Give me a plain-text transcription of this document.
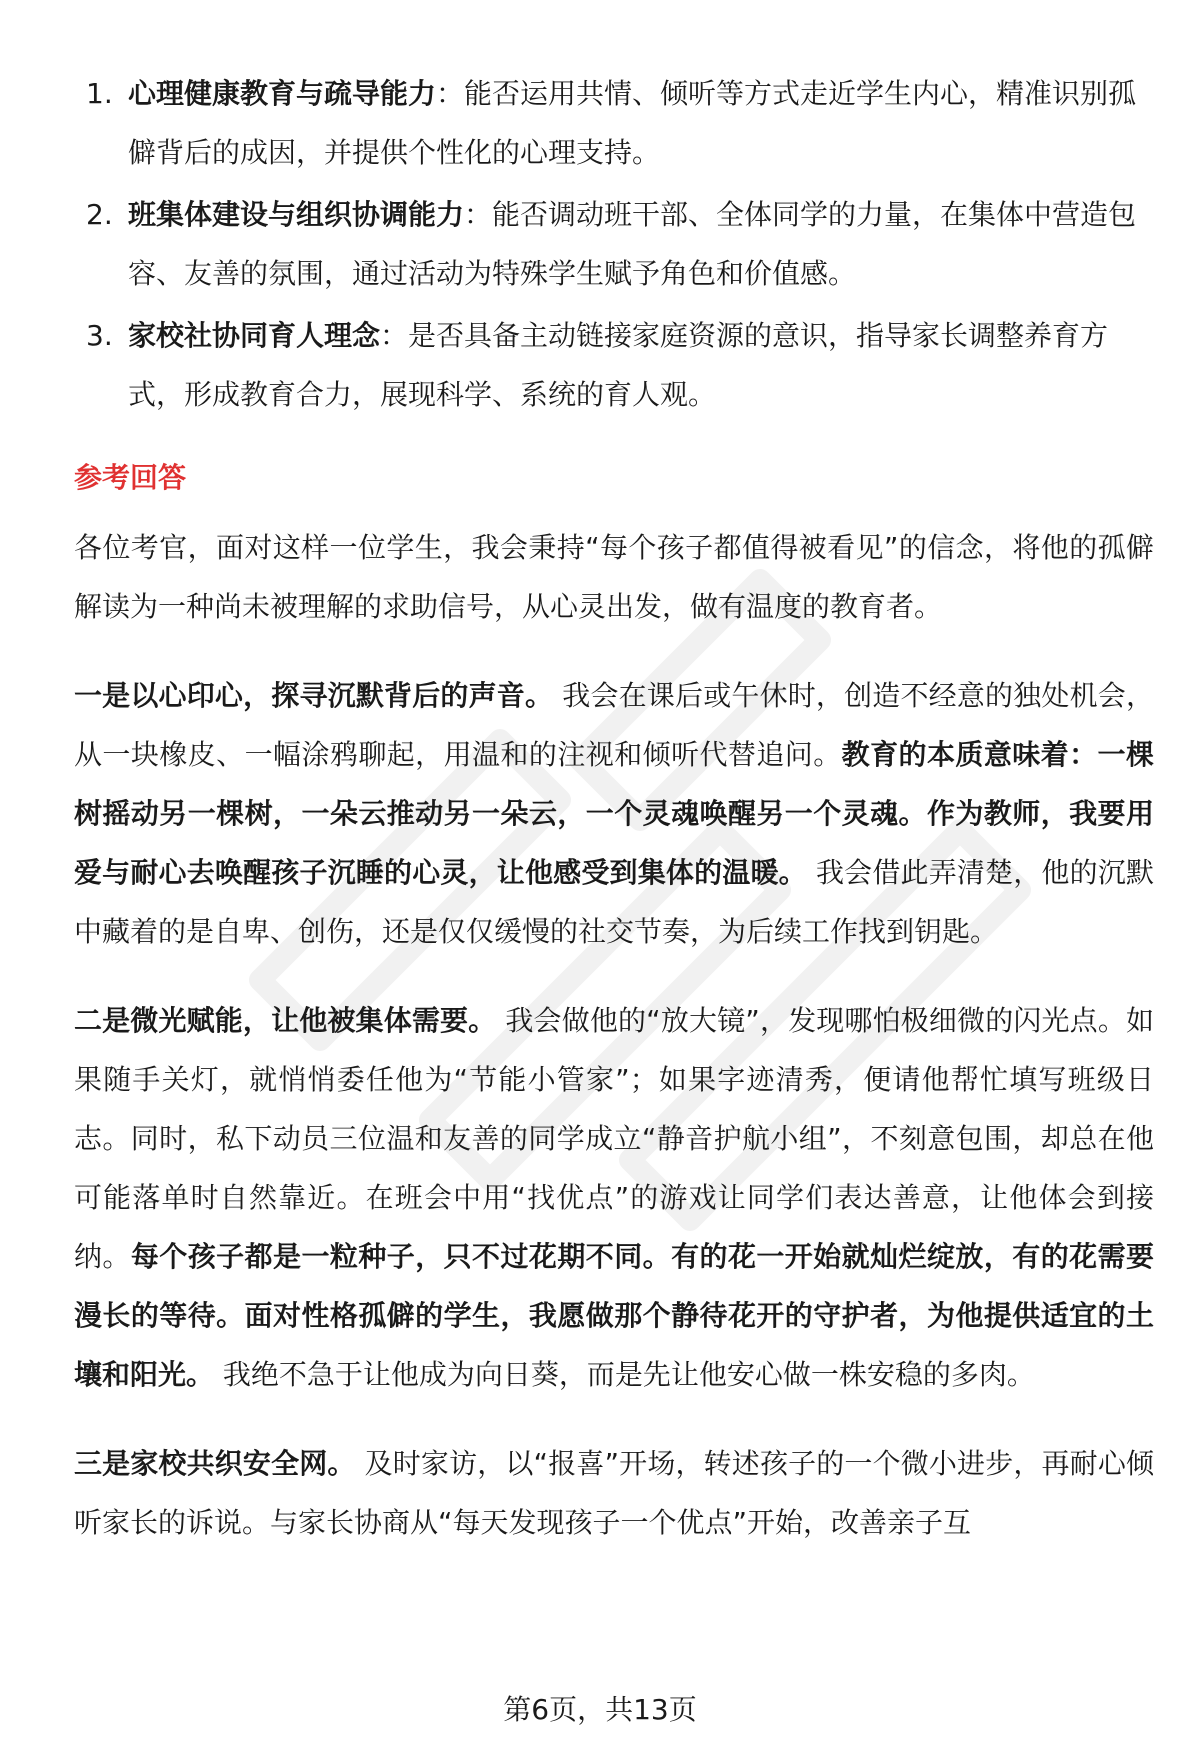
1. 心理健康教育与疏导能力：能否运用共情、倾听等方式走近学生内心，精准识别孤僻背后的成因，并提供个性化的心理支持。
2. 班集体建设与组织协调能力：能否调动班干部、全体同学的力量，在集体中营造包容、友善的氛围，通过活动为特殊学生赋予角色和价值感。
3. 家校社协同育人理念：是否具备主动链接家庭资源的意识，指导家长调整养育方式，形成教育合力，展现科学、系统的育人观。
参考回答

各位考官，面对这样一位学生，我会秉持“每个孩子都值得被看见”的信念，将他的孤僻解读为一种尚未被理解的求助信号，从心灵出发，做有温度的教育者。

一是以心印心，探寻沉默背后的声音。 我会在课后或午休时，创造不经意的独处机会，从一块橡皮、一幅涂鸦聊起，用温和的注视和倾听代替追问。教育的本质意味着：一棵树摇动另一棵树，一朵云推动另一朵云，一个灵魂唤醒另一个灵魂。作为教师，我要用爱与耐心去唤醒孩子沉睡的心灵，让他感受到集体的温暖。 我会借此弄清楚，他的沉默中藏着的是自卑、创伤，还是仅仅缓慢的社交节奏，为后续工作找到钥匙。

二是微光赋能，让他被集体需要。 我会做他的“放大镜”，发现哪怕极细微的闪光点。如果随手关灯，就悄悄委任他为“节能小管家”；如果字迹清秀，便请他帮忙填写班级日志。同时，私下动员三位温和友善的同学成立“静音护航小组”，不刻意包围，却总在他可能落单时自然靠近。在班会中用“找优点”的游戏让同学们表达善意，让他体会到接纳。每个孩子都是一粒种子，只不过花期不同。有的花一开始就灿烂绽放，有的花需要漫长的等待。面对性格孤僻的学生，我愿做那个静待花开的守护者，为他提供适宜的土壤和阳光。 我绝不急于让他成为向日葵，而是先让他安心做一株安稳的多肉。

三是家校共织安全网。 及时家访，以“报喜”开场，转述孩子的一个微小进步，再耐心倾听家长的诉说。与家长协商从“每天发现孩子一个优点”开始，改善亲子互

第6页，共13页
